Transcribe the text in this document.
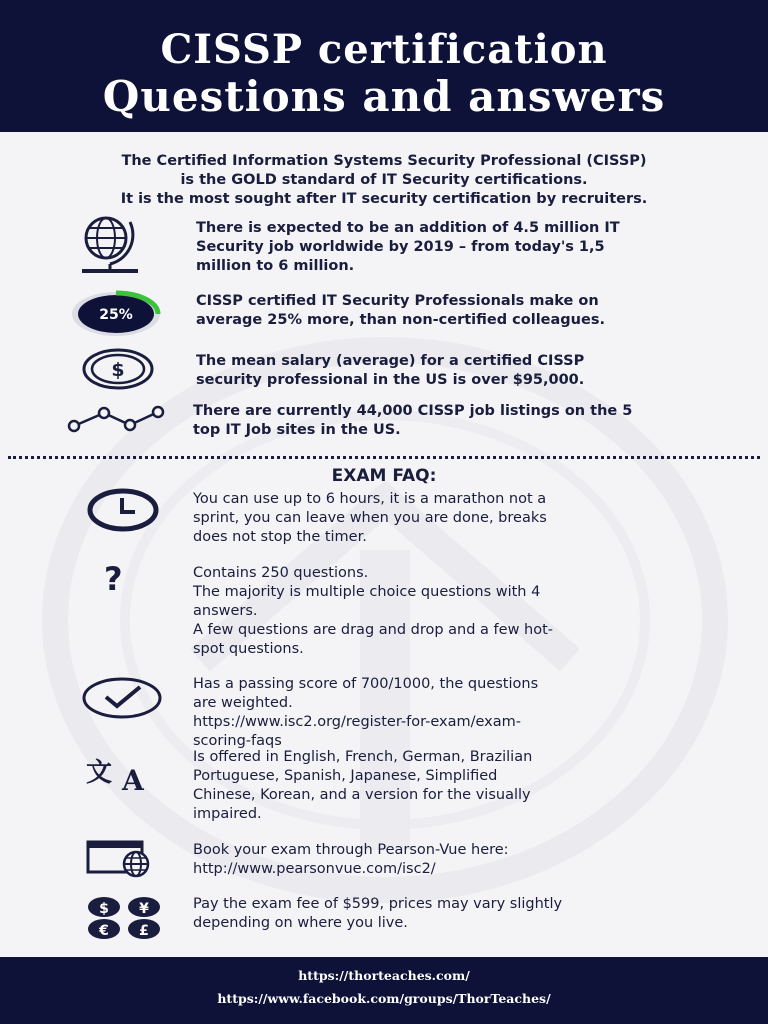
CISSP certification
Questions and answers
The Certified Information Systems Security Professional (CISSP)
is the GOLD standard of IT Security certifications.
It is the most sought after IT security certification by recruiters.
There is expected to be an addition of 4.5 million IT
Security job worldwide by 2019 – from today's 1,5
million to 6 million.
25%
CISSP certified IT Security Professionals make on
average 25% more, than non-certified colleagues.
$	The mean salary (average) for a certified CISSP
security professional in the US is over $95,000.
There are currently 44,000 CISSP job listings on the 5
top IT Job sites in the US.
EXAM FAQ:
You can use up to 6 hours, it is a marathon not a
sprint, you can leave when you are done, breaks
does not stop the timer.
?	Contains 250 questions.
The majority is multiple choice questions with 4
answers.
A few questions are drag and drop and a few hot-
spot questions.
Has a passing score of 700/1000, the questions
are weighted.
https://www.isc2.org/register-for-exam/exam-
scoring-faqs
文 A
Is offered in English, French, German, Brazilian
Portuguese, Spanish, Japanese, Simplified
Chinese, Korean, and a version for the visually
impaired.
Book your exam through Pearson-Vue here:
http://www.pearsonvue.com/isc2/
$ ¥
€ £
Pay the exam fee of $599, prices may vary slightly
depending on where you live.
https://thorteaches.com/
https://www.facebook.com/groups/ThorTeaches/
